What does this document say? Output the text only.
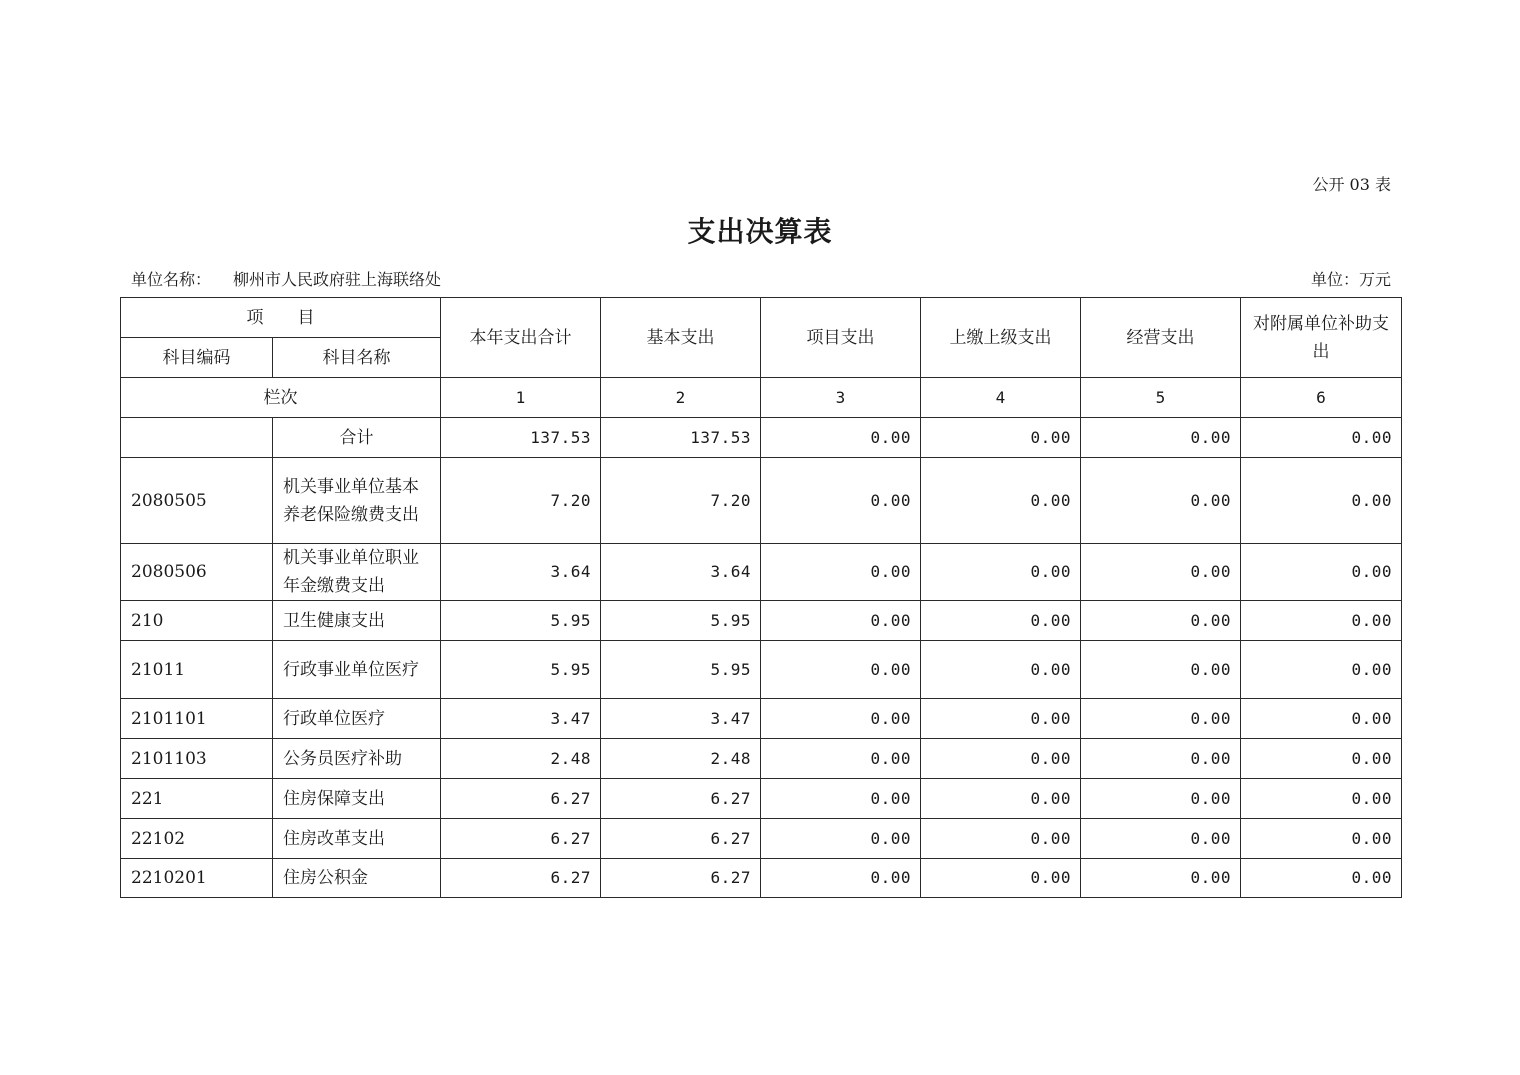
公开 03 表
支出决算表
单位名称： 柳州市人民政府驻上海联络处	单位：万元
项　　目		本年支出合计	基本支出	项目支出	上缴上级支出	经营支出	对附属单位补助支出

科目编码	科目名称						
栏次		1	2	3	4	5	6
	合计	137.53	137.53	0.00	0.00	0.00	0.00
2080505	机关事业单位基本养老保险缴费支出	7.20	7.20	0.00	0.00	0.00	0.00
2080506	机关事业单位职业年金缴费支出	3.64	3.64	0.00	0.00	0.00	0.00
210	卫生健康支出	5.95	5.95	0.00	0.00	0.00	0.00
21011	行政事业单位医疗	5.95	5.95	0.00	0.00	0.00	0.00
2101101	行政单位医疗	3.47	3.47	0.00	0.00	0.00	0.00
2101103	公务员医疗补助	2.48	2.48	0.00	0.00	0.00	0.00
221	住房保障支出	6.27	6.27	0.00	0.00	0.00	0.00
22102	住房改革支出	6.27	6.27	0.00	0.00	0.00	0.00
2210201	住房公积金	6.27	6.27	0.00	0.00	0.00	0.00
